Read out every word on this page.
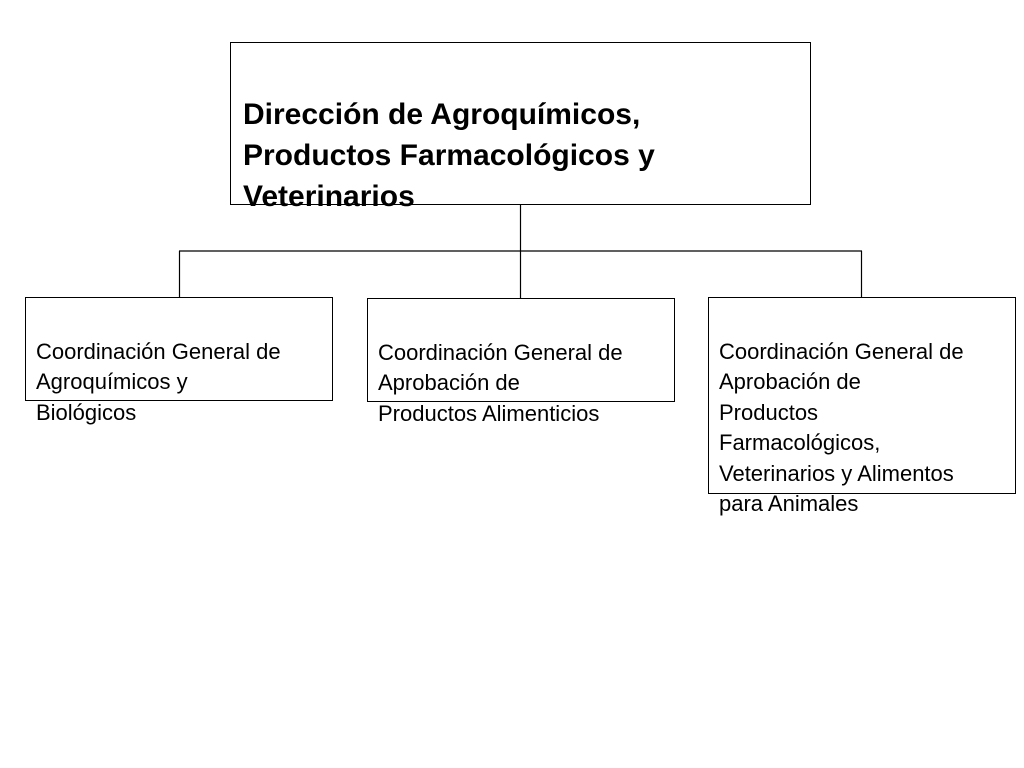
Dirección de Agroquímicos,
Productos Farmacológicos y
Veterinarios

Coordinación General de
Agroquímicos y
Biológicos

Coordinación General de
Aprobación de
Productos Alimenticios

Coordinación General de
Aprobación de
Productos
Farmacológicos,
Veterinarios y Alimentos
para Animales
